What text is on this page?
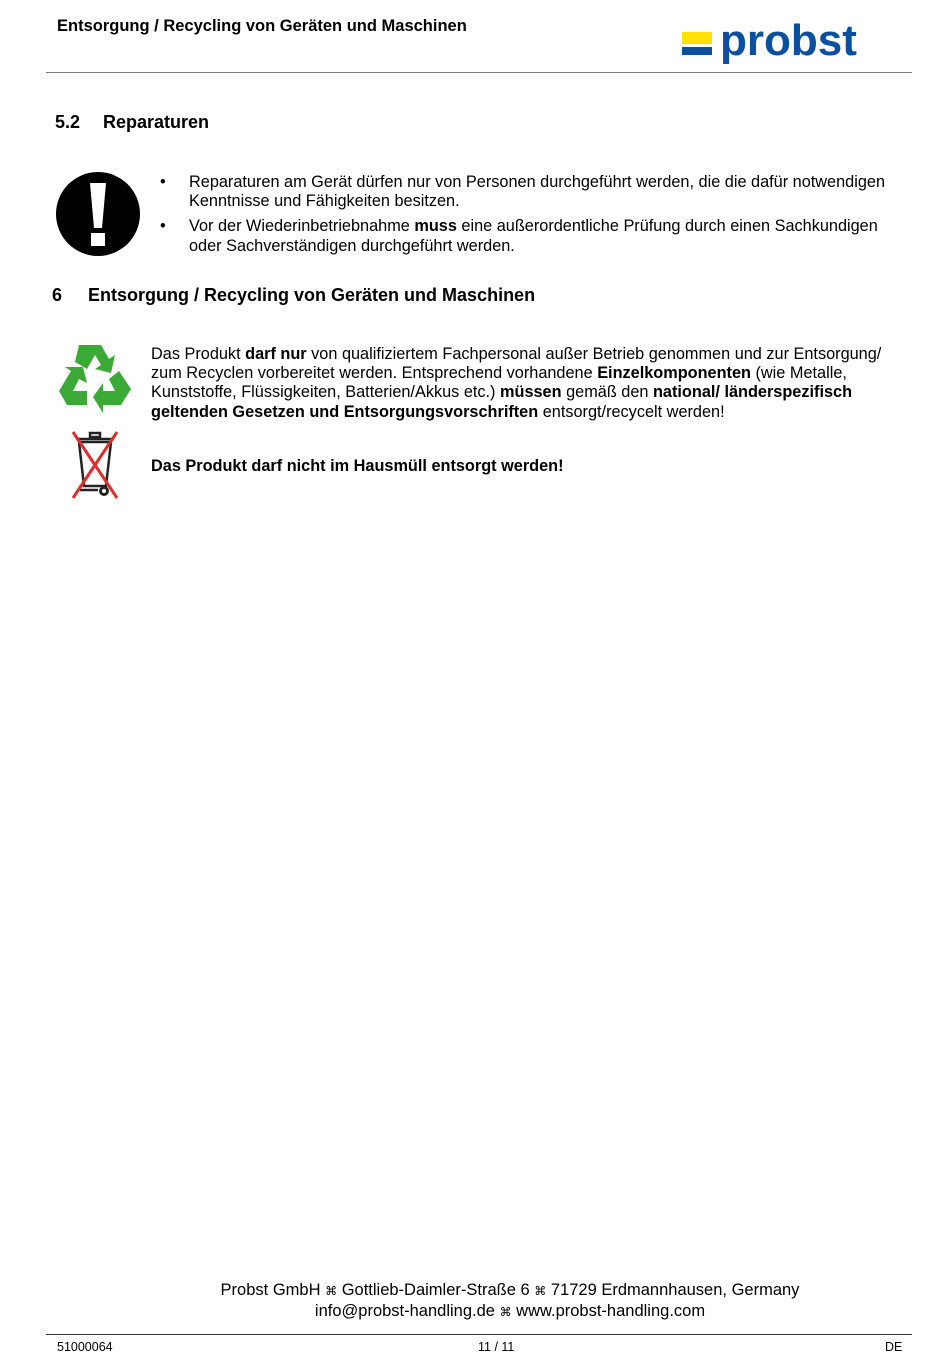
Entsorgung / Recycling von Geräten und Maschinen	probst
5.2 Reparaturen
• Reparaturen am Gerät dürfen nur von Personen durchgeführt werden, die die dafür notwendigen Kenntnisse und Fähigkeiten besitzen.
• Vor der Wiederinbetriebnahme muss eine außerordentliche Prüfung durch einen Sachkundigen oder Sachverständigen durchgeführt werden.
6 Entsorgung / Recycling von Geräten und Maschinen
Das Produkt darf nur von qualifiziertem Fachpersonal außer Betrieb genommen und zur Entsorgung/ zum Recyclen vorbereitet werden. Entsprechend vorhandene Einzelkomponenten (wie Metalle, Kunststoffe, Flüssigkeiten, Batterien/Akkus etc.) müssen gemäß den national/ länderspezifisch geltenden Gesetzen und Entsorgungsvorschriften entsorgt/recycelt werden!
Das Produkt darf nicht im Hausmüll entsorgt werden!
Probst GmbH ⌘ Gottlieb-Daimler-Straße 6 ⌘ 71729 Erdmannhausen, Germany
info@probst-handling.de ⌘ www.probst-handling.com
51000064	11 / 11	DE
